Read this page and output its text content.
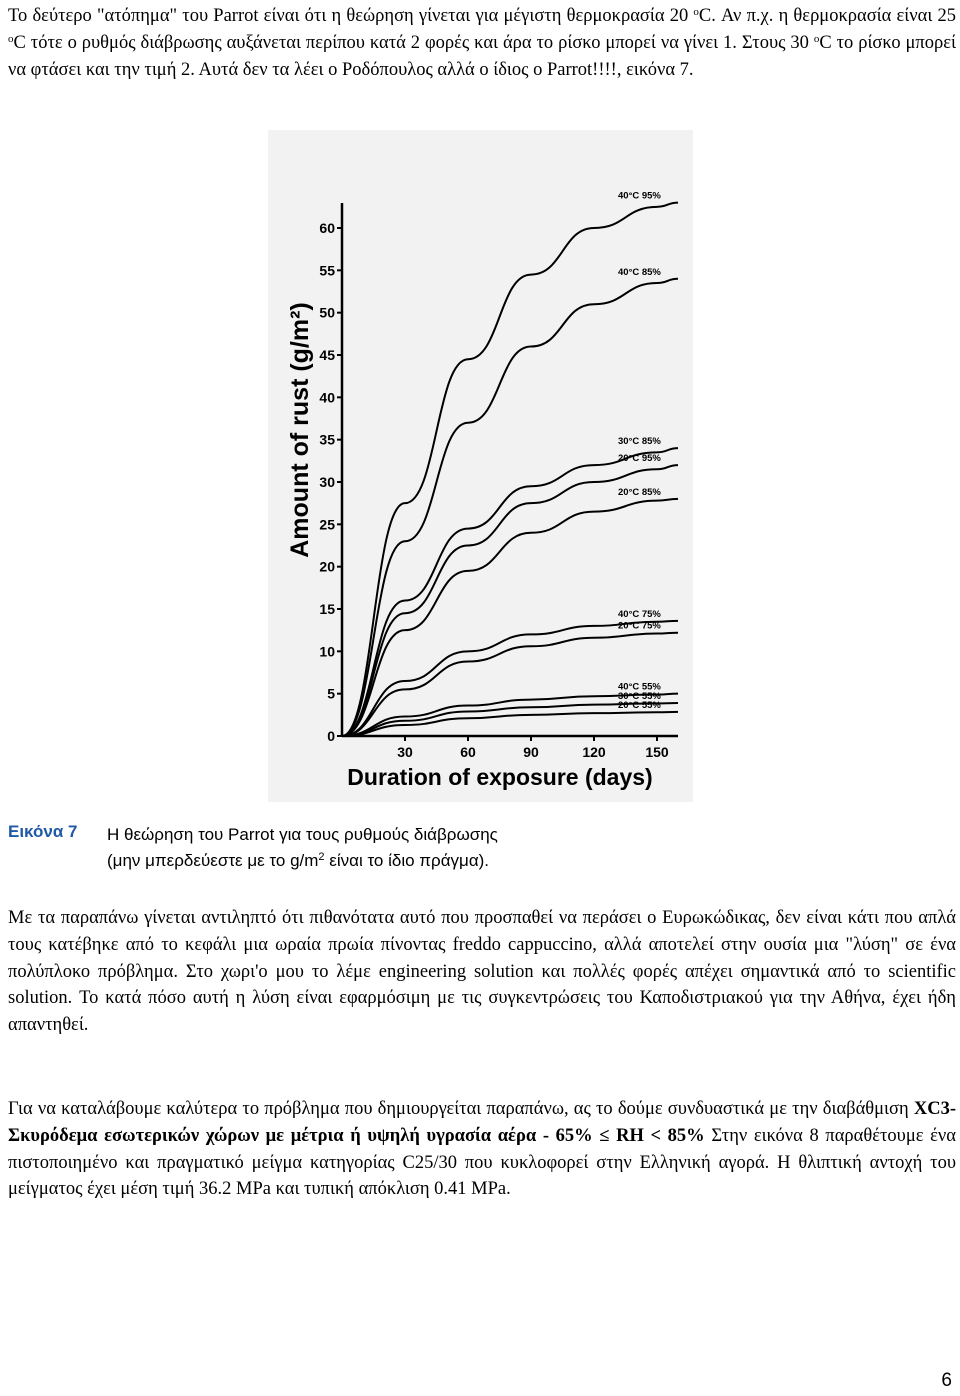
Το δεύτερο "ατόπημα" του Parrot είναι ότι η θεώρηση γίνεται για μέγιστη θερμοκρασία 20 $^o$C. Αν π.χ. η θερμοκρασία είναι 25 $^o$C τότε ο ρυθμός διάβρωσης αυξάνεται περίπου κατά 2 φορές και άρα το ρίσκο μπορεί να γίνει 1. Στους 30 $^o$C το ρίσκο μπορεί να φτάσει και την τιμή 2. Αυτά δεν τα λέει ο Ροδόπουλος αλλά ο ίδιος ο Parrot!!!!, εικόνα 7.

0
5
10
15
20
25
30
35
40
45
50
55
60
30	60	90	120	150
40°C 95%
40°C 85%
30°C 85%
20°C 95%
20°C 85%
40°C 75%
20°C 75%
40°C 55%
30°C 55%
20°C 55%
Amount of rust (g/m²)
Duration of exposure (days)
Εικόνα 7 Η θεώρηση του Parrot για τους ρυθμούς διάβρωσης
(μην μπερδεύεστε με το $g/m^2$ είναι το ίδιο πράγμα).

Με τα παραπάνω γίνεται αντιληπτό ότι πιθανότατα αυτό που προσπαθεί να περάσει ο Ευρωκώδικας, δεν είναι κάτι που απλά τους κατέβηκε από το κεφάλι μια ωραία πρωία πίνοντας freddo cappuccino, αλλά αποτελεί στην ουσία μια "λύση" σε ένα πολύπλοκο πρόβλημα. Στο χωρι'ο μου το λέμε engineering solution και πολλές φορές απέχει σημαντικά από το scientific solution. Το κατά πόσο αυτή η λύση είναι εφαρμόσιμη με τις συγκεντρώσεις του Καποδιστριακού για την Αθήνα, έχει ήδη απαντηθεί.

Για να καταλάβουμε καλύτερα το πρόβλημα που δημιουργείται παραπάνω, ας το δούμε συνδυαστικά με την διαβάθμιση XC3- Σκυρόδεμα εσωτερικών χώρων με μέτρια ή υψηλή υγρασία αέρα - 65% ≤ RH < 85% Στην εικόνα 8 παραθέτουμε ένα πιστοποιημένο και πραγματικό μείγμα κατηγορίας C25/30 που κυκλοφορεί στην Ελληνική αγορά. Η θλιπτική αντοχή του μείγματος έχει μέση τιμή 36.2 MPa και τυπική απόκλιση 0.41 MPa.

6
